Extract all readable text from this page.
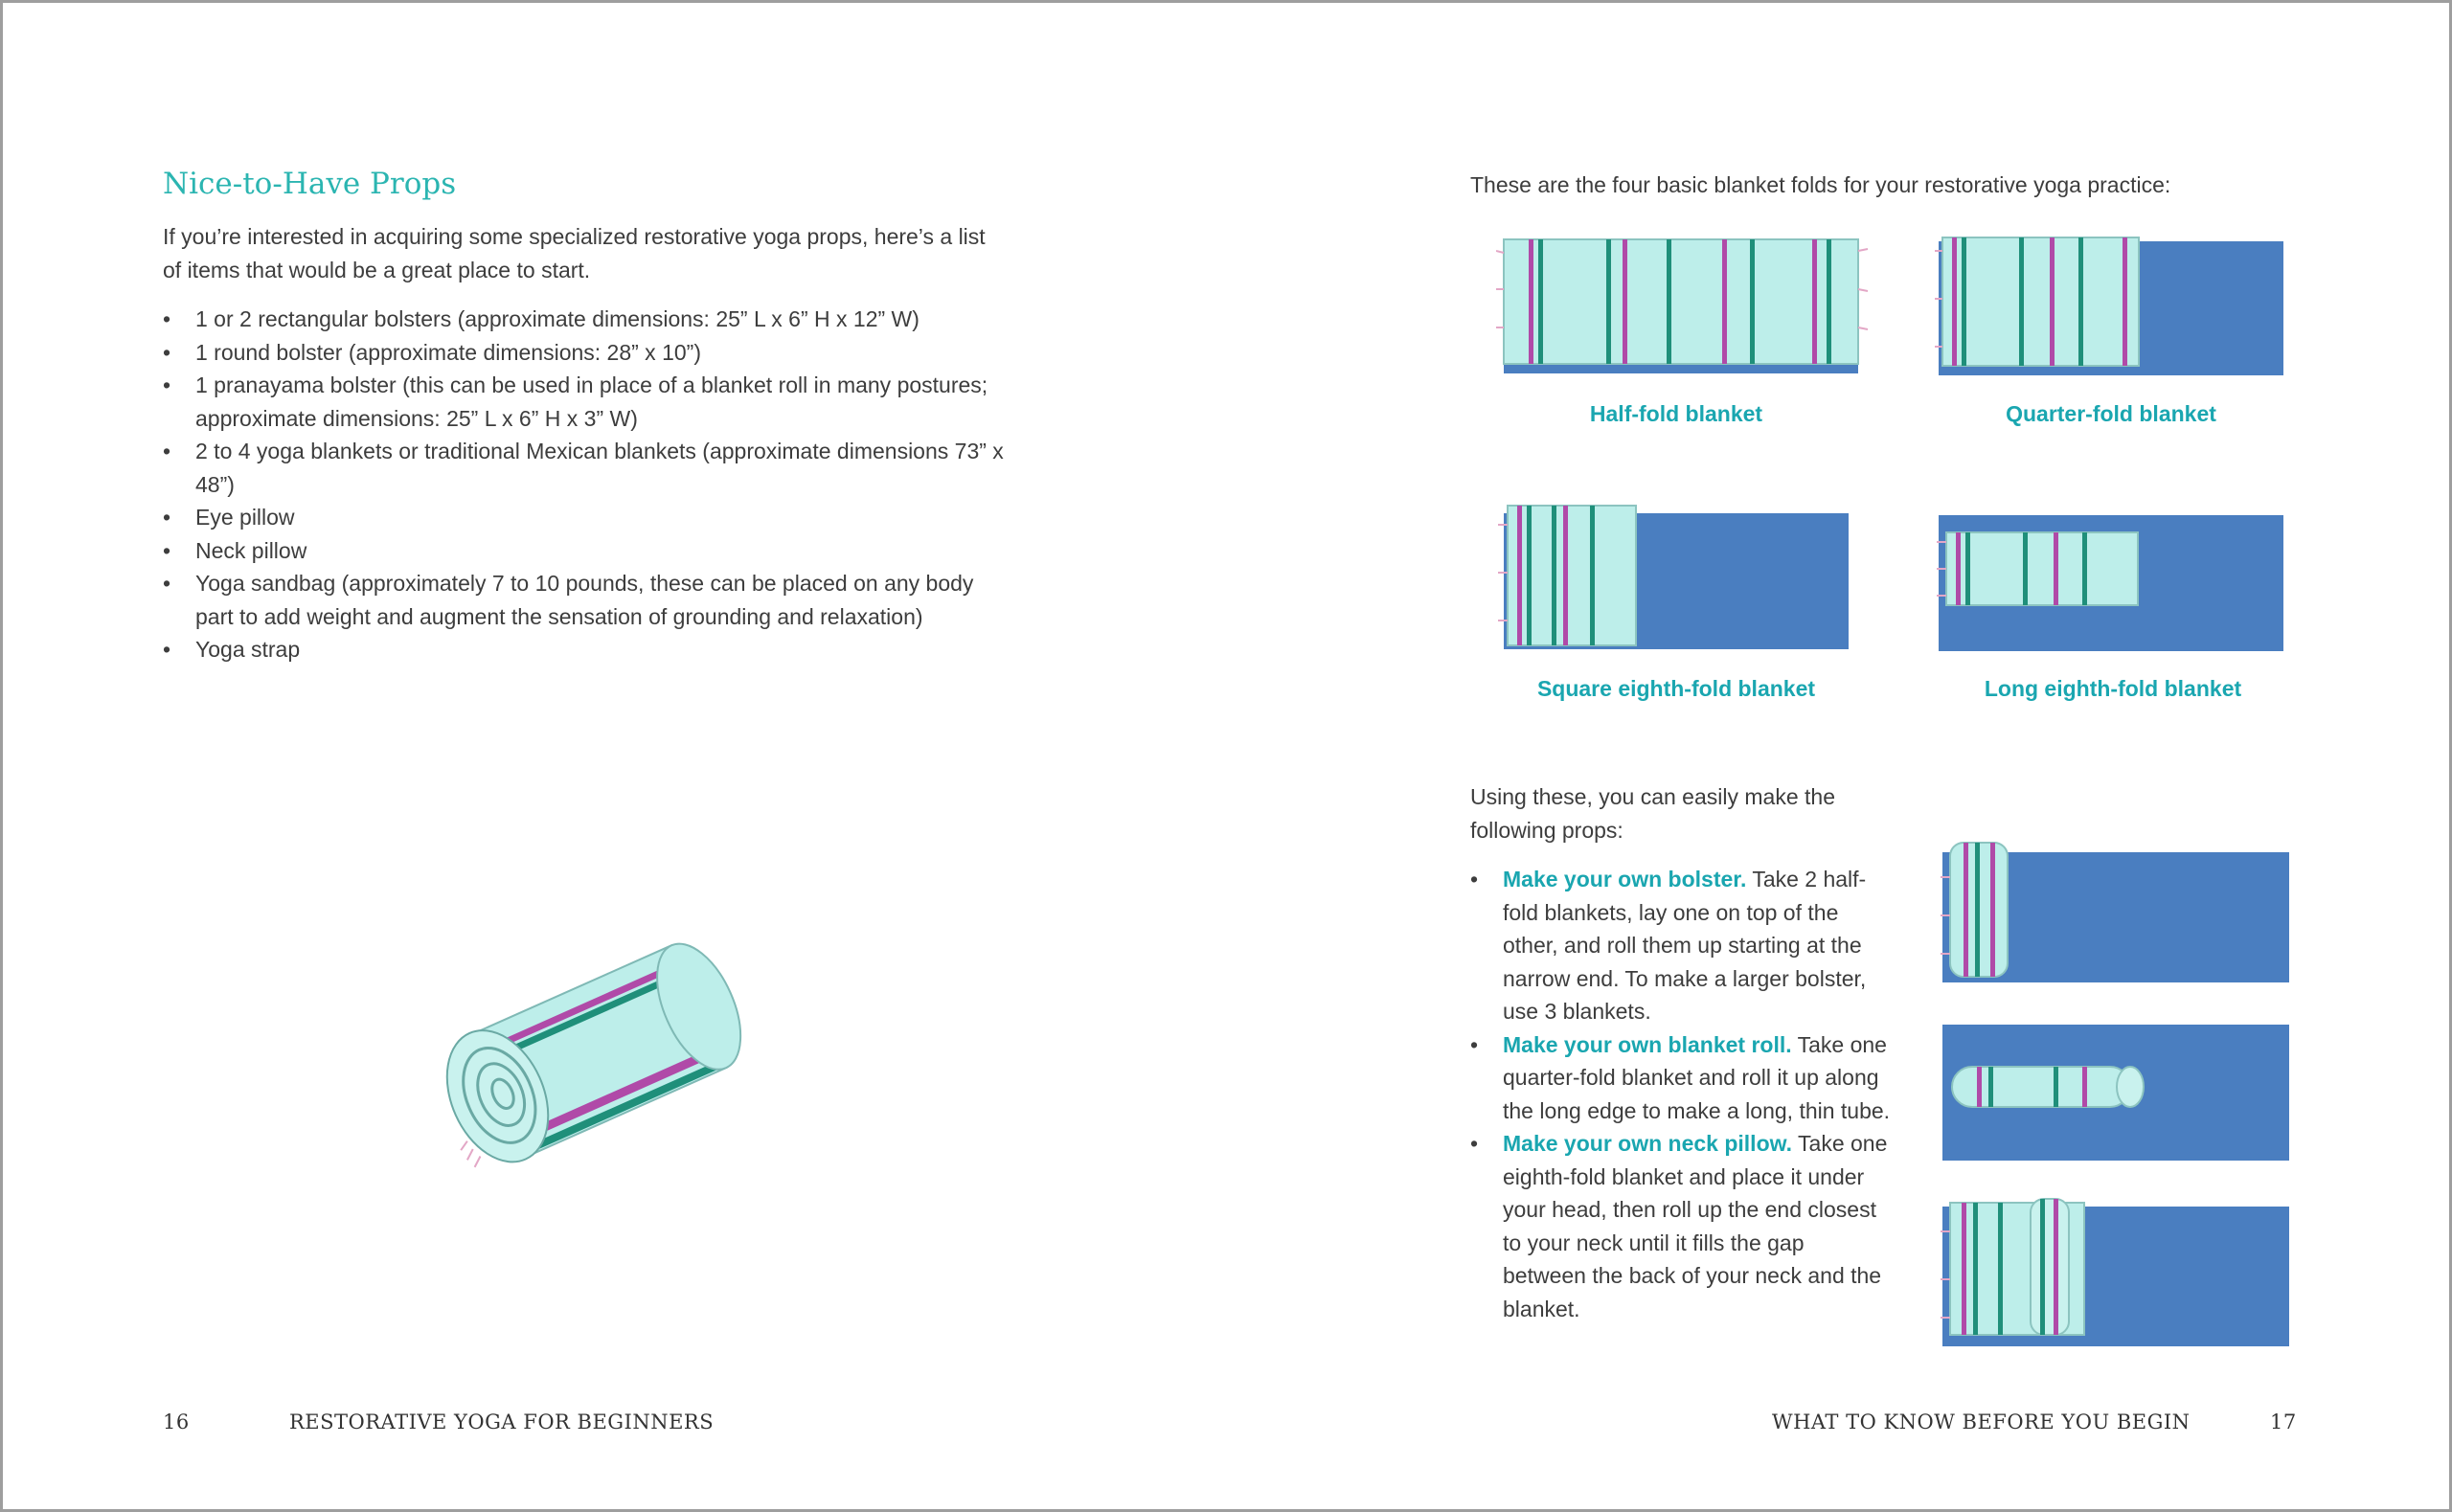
Nice-to-Have Props

If you’re interested in acquiring some specialized restorative yoga props, here’s a list of items that would be a great place to start.

• 1 or 2 rectangular bolsters (approximate dimensions: 25” L x 6” H x 12” W)
• 1 round bolster (approximate dimensions: 28” x 10”)
• 1 pranayama bolster (this can be used in place of a blanket roll in many postures; approximate dimensions: 25” L x 6” H x 3” W)
• 2 to 4 yoga blankets or traditional Mexican blankets (approximate dimensions 73” x 48”)
• Eye pillow
• Neck pillow
• Yoga sandbag (approximately 7 to 10 pounds, these can be placed on any body part to add weight and augment the sensation of grounding and relaxation)
• Yoga strap
16	RESTORATIVE YOGA FOR BEGINNERS

These are the four basic blanket folds for your restorative yoga practice:

Half-fold blanket	Quarter-fold blanket
Square eighth-fold blanket	Long eighth-fold blanket

Using these, you can easily make the following props:

• Make your own bolster. Take 2 half-fold blankets, lay one on top of the other, and roll them up starting at the narrow end. To make a larger bolster, use 3 blankets.
• Make your own blanket roll. Take one quarter-fold blanket and roll it up along the long edge to make a long, thin tube.
• Make your own neck pillow. Take one eighth-fold blanket and place it under your head, then roll up the end closest to your neck until it fills the gap between the back of your neck and the blanket.
WHAT TO KNOW BEFORE YOU BEGIN	17
